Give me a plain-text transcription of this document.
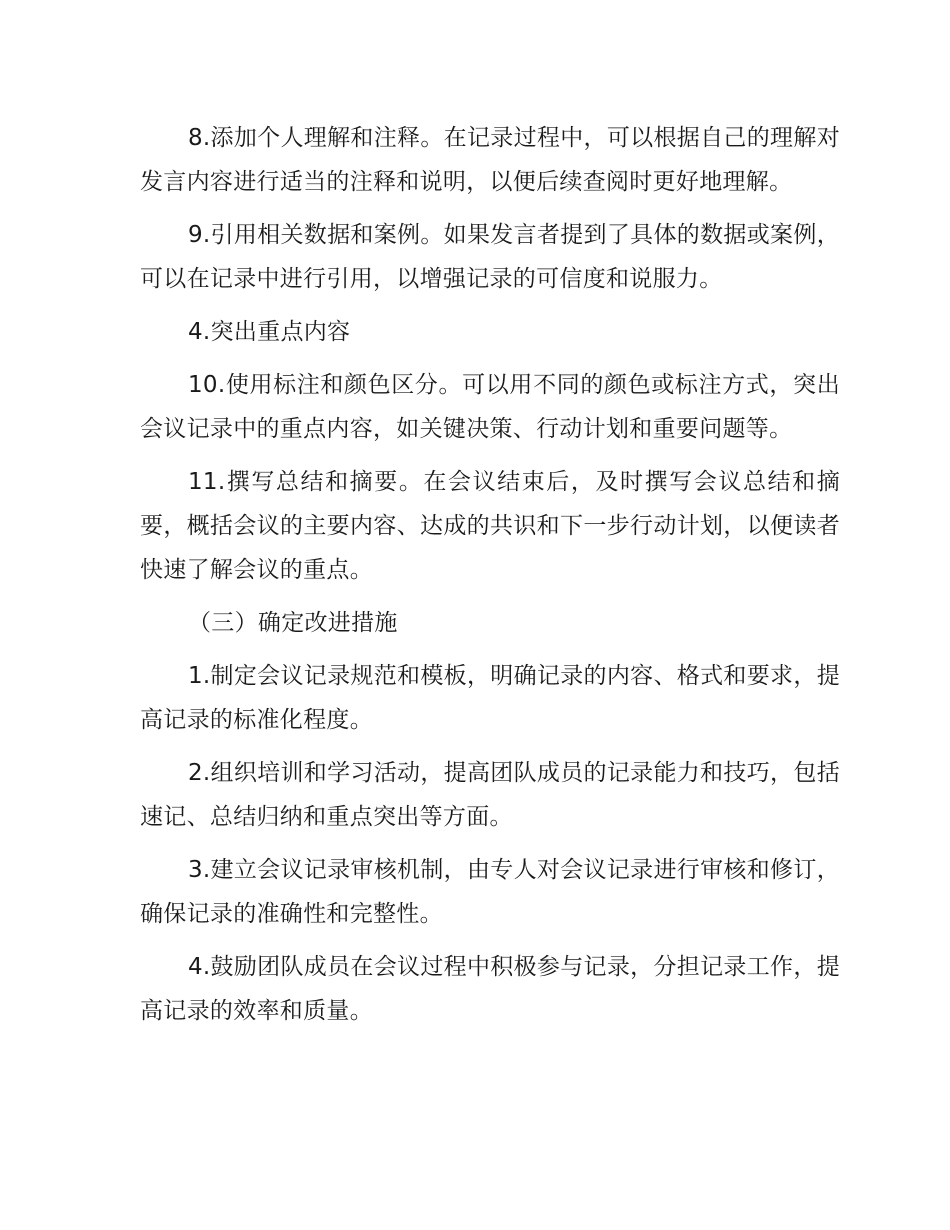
8.添加个人理解和注释。在记录过程中，可以根据自己的理解对发言内容进行适当的注释和说明，以便后续查阅时更好地理解。

9.引用相关数据和案例。如果发言者提到了具体的数据或案例，可以在记录中进行引用，以增强记录的可信度和说服力。

4.突出重点内容

10.使用标注和颜色区分。可以用不同的颜色或标注方式，突出会议记录中的重点内容，如关键决策、行动计划和重要问题等。

11.撰写总结和摘要。在会议结束后，及时撰写会议总结和摘要，概括会议的主要内容、达成的共识和下一步行动计划，以便读者快速了解会议的重点。

（三）确定改进措施

1.制定会议记录规范和模板，明确记录的内容、格式和要求，提高记录的标准化程度。

2.组织培训和学习活动，提高团队成员的记录能力和技巧，包括速记、总结归纳和重点突出等方面。

3.建立会议记录审核机制，由专人对会议记录进行审核和修订，确保记录的准确性和完整性。

4.鼓励团队成员在会议过程中积极参与记录，分担记录工作，提高记录的效率和质量。
